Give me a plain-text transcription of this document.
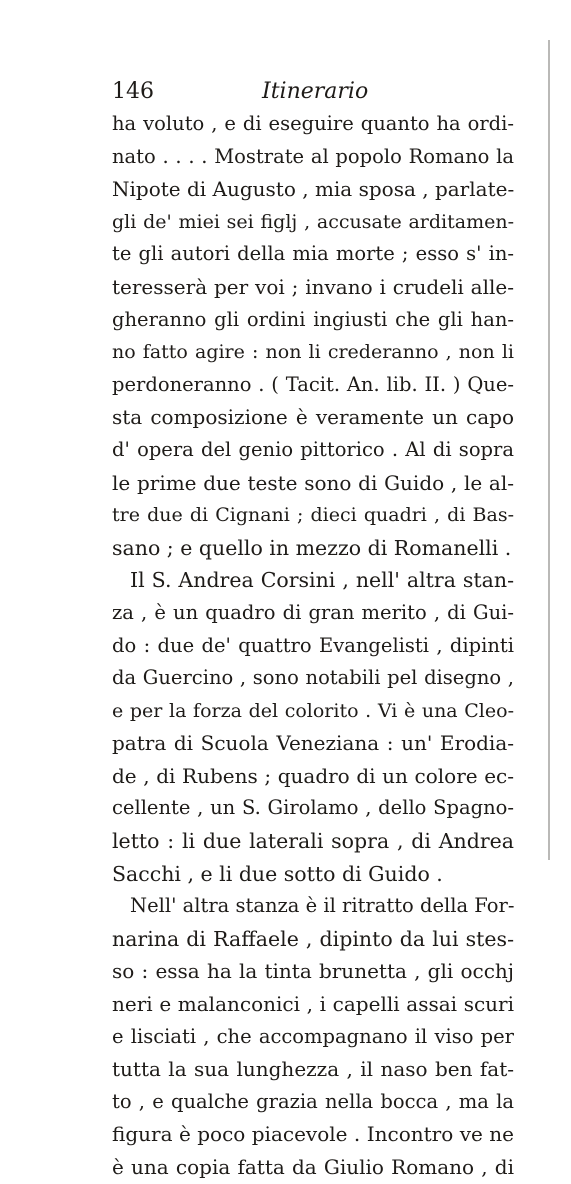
146	Itinerario
ha voluto , e di eseguire quanto ha ordi-
nato . . . . Mostrate al popolo Romano la
Nipote di Augusto , mia sposa , parlate-
gli de' miei sei figlj , accusate arditamen-
te gli autori della mia morte ; esso s' in-
teresserà per voi ; invano i crudeli alle-
gheranno gli ordini ingiusti che gli han-
no fatto agire : non li crederanno , non li
perdoneranno . ( Tacit. An. lib. II. ) Que-
sta composizione è veramente un capo
d' opera del genio pittorico . Al di sopra
le prime due teste sono di Guido , le al-
tre due di Cignani ; dieci quadri , di Bas-
sano ; e quello in mezzo di Romanelli .
Il S. Andrea Corsini , nell' altra stan-
za , è un quadro di gran merito , di Gui-
do : due de' quattro Evangelisti , dipinti
da Guercino , sono notabili pel disegno ,
e per la forza del colorito . Vi è una Cleo-
patra di Scuola Veneziana : un' Erodia-
de , di Rubens ; quadro di un colore ec-
cellente , un S. Girolamo , dello Spagno-
letto : li due laterali sopra , di Andrea
Sacchi , e li due sotto di Guido .
Nell' altra stanza è il ritratto della For-
narina di Raffaele , dipinto da lui stes-
so : essa ha la tinta brunetta , gli occhj
neri e malanconici , i capelli assai scuri
e lisciati , che accompagnano il viso per
tutta la sua lunghezza , il naso ben fat-
to , e qualche grazia nella bocca , ma la
figura è poco piacevole . Incontro ve ne
è una copia fatta da Giulio Romano , di
